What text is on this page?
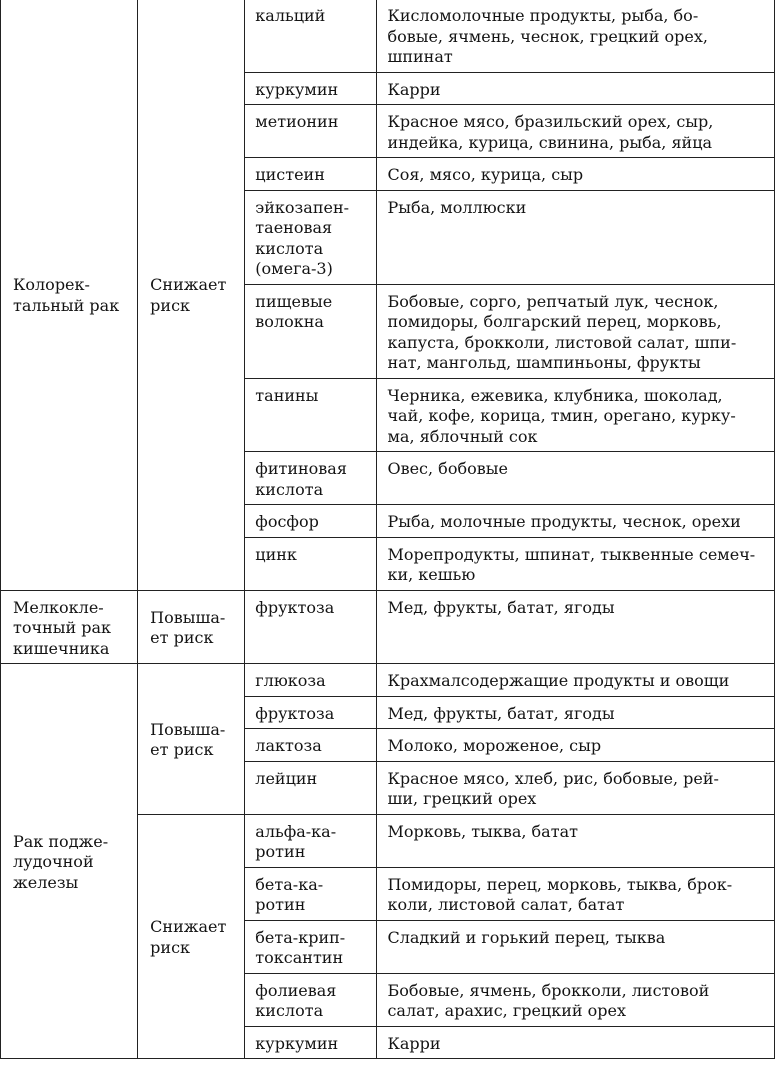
Колорек-
тальный рак	Снижает
риск	кальций	Кисломолочные продукты, рыба, бо-
бовые, ячмень, чеснок, грецкий орех,
шпинат
		куркумин	Карри
		метионин	Красное мясо, бразильский орех, сыр,
индейка, курица, свинина, рыба, яйца
		цистеин	Соя, мясо, курица, сыр
		эйкозапен-
таеновая
кислота
(омега-3)	Рыба, моллюски
		пищевые
волокна	Бобовые, сорго, репчатый лук, чеснок,
помидоры, болгарский перец, морковь,
капуста, брокколи, листовой салат, шпи-
нат, мангольд, шампиньоны, фрукты
		танины	Черника, ежевика, клубника, шоколад,
чай, кофе, корица, тмин, орегано, курку-
ма, яблочный сок
		фитиновая
кислота	Овес, бобовые
		фосфор	Рыба, молочные продукты, чеснок, орехи
		цинк	Морепродукты, шпинат, тыквенные семеч-
ки, кешью
Мелкокле-
точный рак
кишечника	Повыша-
ет риск	фруктоза	Мед, фрукты, батат, ягоды
Рак подже-
лудочной
железы	Повыша-
ет риск	глюкоза	Крахмалсодержащие продукты и овощи
		фруктоза	Мед, фрукты, батат, ягоды
		лактоза	Молоко, мороженое, сыр
		лейцин	Красное мясо, хлеб, рис, бобовые, рей-
ши, грецкий орех
	Снижает
риск	альфа-ка-
ротин	Морковь, тыква, батат
		бета-ка-
ротин	Помидоры, перец, морковь, тыква, брок-
коли, листовой салат, батат
		бета-крип-
токсантин	Сладкий и горький перец, тыква
		фолиевая
кислота	Бобовые, ячмень, брокколи, листовой
салат, арахис, грецкий орех
		куркумин	Карри
